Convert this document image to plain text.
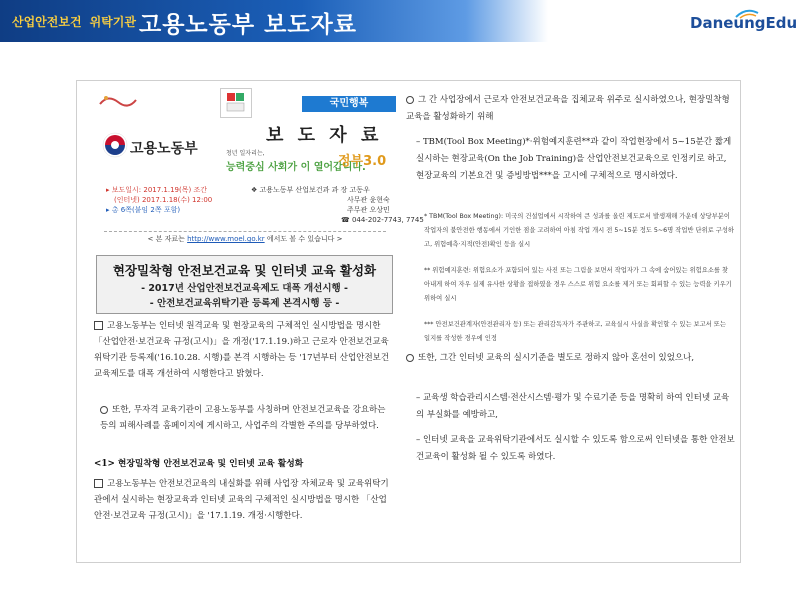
산업안전보건 위탁기관 고용노동부 보도자료	DaneungEdu
국민행복
보 도 자 료
고용노동부	청년 일자리는,
능력중심 사회가 이 열어갑니다.
정부3.0
▸ 보도일시: 2017.1.19(목) 조간
(인터넷) 2017.1.18(수) 12:00
▸ 총 6쪽(붙임 2쪽 포함)
❖ 고용노동부 산업보건과 과 장 고동우
사무관 윤현숙
주무관 오상민
☎ 044-202-7743, 7745
< 본 자료는 http://www.moel.go.kr 에서도 볼 수 있습니다 >
현장밀착형 안전보건교육 및 인터넷 교육 활성화
- 2017년 산업안전보건교육제도 대폭 개선시행 -
- 안전보건교육위탁기관 등록제 본격시행 등 -
고용노동부는 인터넷 원격교육 및 현장교육의 구체적인 실시방법을 명시한 「산업안전·보건교육 규정(고시)」을 개정('17.1.19.)하고 근로자 안전보건교육위탁기관 등록제('16.10.28. 시행)를 본격 시행하는 등 '17년부터 산업안전보건교육제도를 대폭 개선하여 시행한다고 밝혔다.
또한, 무자격 교육기관이 고용노동부를 사칭하며 안전보건교육을 강요하는 등의 피해사례를 홈페이지에 게시하고, 사업주의 각별한 주의를 당부하였다.
<1> 현장밀착형 안전보건교육 및 인터넷 교육 활성화
고용노동부는 안전보건교육의 내실화를 위해 사업장 자체교육 및 교육위탁기관에서 실시하는 현장교육과 인터넷 교육의 구체적인 실시방법을 명시한 「산업안전·보건교육 규정(고시)」을 '17.1.19. 개정·시행한다.
그 간 사업장에서 근로자 안전보건교육을 집체교육 위주로 실시하였으나, 현장밀착형 교육을 활성화하기 위해
– TBM(Tool Box Meeting)*·위험예지훈련**과 같이 작업현장에서 5~15분간 짧게 실시하는 현장교육(On the Job Training)을 산업안전보건교육으로 인정키로 하고, 현장교육의 기본요건 및 증빙방법***을 고시에 구체적으로 명시하였다.
* TBM(Tool Box Meeting): 미국의 건설업에서 시작하여 큰 성과를 올린 제도로서 발생재해 가운데 상당부분이 작업자의 불안전한 행동에서 기인한 점을 고려하여 아침 작업 개시 전 5~15분 정도 5~6명 작업반 단위로 구성하고, 위험예측·지적(안전)확인 등을 실시
** 위험예지훈련: 위험요소가 포함되어 있는 사진 또는 그림을 보면서 작업자가 그 속에 숨어있는 위험요소를 찾아내게 하여 자우 실제 유사한 상황을 접하였을 경우 스스로 위험 요소를 제거 또는 회피할 수 있는 능력을 키우기 위하여 실시
*** 안전보건관계자(안전관리자 등) 또는 관리감독자가 주관하고, 교육실시 사실을 확인할 수 있는 보고서 또는 일지를 작성한 경우에 인정
또한, 그간 인터넷 교육의 실시기준을 별도로 정하지 않아 혼선이 있었으나,
– 교육생 학습관리시스템·전산시스템·평가 및 수료기준 등을 명확히 하여 인터넷 교육의 부실화를 예방하고,
– 인터넷 교육을 교육위탁기관에서도 실시할 수 있도록 함으로써 인터넷을 통한 안전보건교육이 활성화 될 수 있도록 하였다.
